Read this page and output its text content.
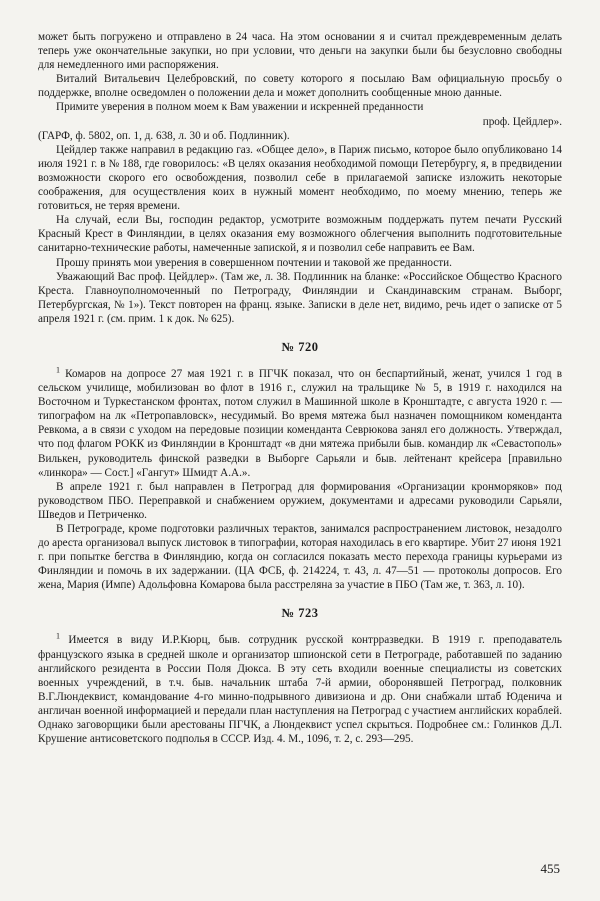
может быть погружено и отправлено в 24 часа. На этом основании я и считал преждевременным делать теперь уже окончательные закупки, но при условии, что деньги на закупки были бы безусловно свободны для немедленного ими распоряжения.

Виталий Витальевич Целебровский, по совету которого я посылаю Вам официальную просьбу о поддержке, вполне осведомлен о положении дела и может дополнить сообщенные мною данные.

Примите уверения в полном моем к Вам уважении и искренней преданности

проф. Цейдлер».

(ГАРФ, ф. 5802, оп. 1, д. 638, л. 30 и об. Подлинник).

Цейдлер также направил в редакцию газ. «Общее дело», в Париж письмо, которое было опубликовано 14 июля 1921 г. в № 188, где говорилось: «В целях оказания необходимой помощи Петербургу, я, в предвидении возможности скорого его освобождения, позволил себе в прилагаемой записке изложить некоторые соображения, для осуществления коих в нужный момент необходимо, по моему мнению, теперь же готовиться, не теряя времени.

На случай, если Вы, господин редактор, усмотрите возможным поддержать путем печати Русский Красный Крест в Финляндии, в целях оказания ему возможного облегчения выполнить подготовительные санитарно-технические работы, намеченные запиской, я и позволил себе направить ее Вам.

Прошу принять мои уверения в совершенном почтении и таковой же преданности.

Уважающий Вас проф. Цейдлер». (Там же, л. 38. Подлинник на бланке: «Российское Общество Красного Креста. Главноуполномоченный по Петрограду, Финляндии и Скандинавским странам. Выборг, Петербургская, № 1»). Текст повторен на франц. языке. Записки в деле нет, видимо, речь идет о записке от 5 апреля 1921 г. (см. прим. 1 к док. № 625).

№ 720

$^1$ Комаров на допросе 27 мая 1921 г. в ПГЧК показал, что он беспартийный, женат, учился 1 год в сельском училище, мобилизован во флот в 1916 г., служил на тральщике № 5, в 1919 г. находился на Восточном и Туркестанском фронтах, потом служил в Машинной школе в Кронштадте, с августа 1920 г. — типографом на лк «Петропавловск», несудимый. Во время мятежа был назначен помощником коменданта Ревкома, а в связи с уходом на передовые позиции коменданта Севрюкова занял его должность. Утверждал, что под флагом РОКК из Финляндии в Кронштадт «в дни мятежа прибыли быв. командир лк «Севастополь» Вилькен, руководитель финской разведки в Выборге Сарьяли и быв. лейтенант крейсера [правильно «линкора» — Сост.] «Гангут» Шмидт А.А.».

В апреле 1921 г. был направлен в Петроград для формирования «Организации кронморяков» под руководством ПБО. Переправкой и снабжением оружием, документами и адресами руководили Сарьяли, Шведов и Петриченко.

В Петрограде, кроме подготовки различных терактов, занимался распространением листовок, незадолго до ареста организовал выпуск листовок в типографии, которая находилась в его квартире. Убит 27 июня 1921 г. при попытке бегства в Финляндию, когда он согласился показать место перехода границы курьерами из Финляндии и помочь в их задержании. (ЦА ФСБ, ф. 214224, т. 43, л. 47—51 — протоколы допросов. Его жена, Мария (Импе) Адольфовна Комарова была расстреляна за участие в ПБО (Там же, т. 363, л. 10).

№ 723

$^1$ Имеется в виду И.Р.Кюрц, быв. сотрудник русской контрразведки. В 1919 г. преподаватель французского языка в средней школе и организатор шпионской сети в Петрограде, работавшей по заданию английского резидента в России Поля Дюкса. В эту сеть входили военные специалисты из советских военных учреждений, в т.ч. быв. начальник штаба 7-й армии, оборонявшей Петроград, полковник В.Г.Люндеквист, командование 4-го минно-подрывного дивизиона и др. Они снабжали штаб Юденича и англичан военной информацией и передали план наступления на Петроград с участием английских кораблей. Однако заговорщики были арестованы ПГЧК, а Люндеквист успел скрыться. Подробнее см.: Голинков Д.Л. Крушение антисоветского подполья в СССР. Изд. 4. М., 1096, т. 2, с. 293—295.

455
